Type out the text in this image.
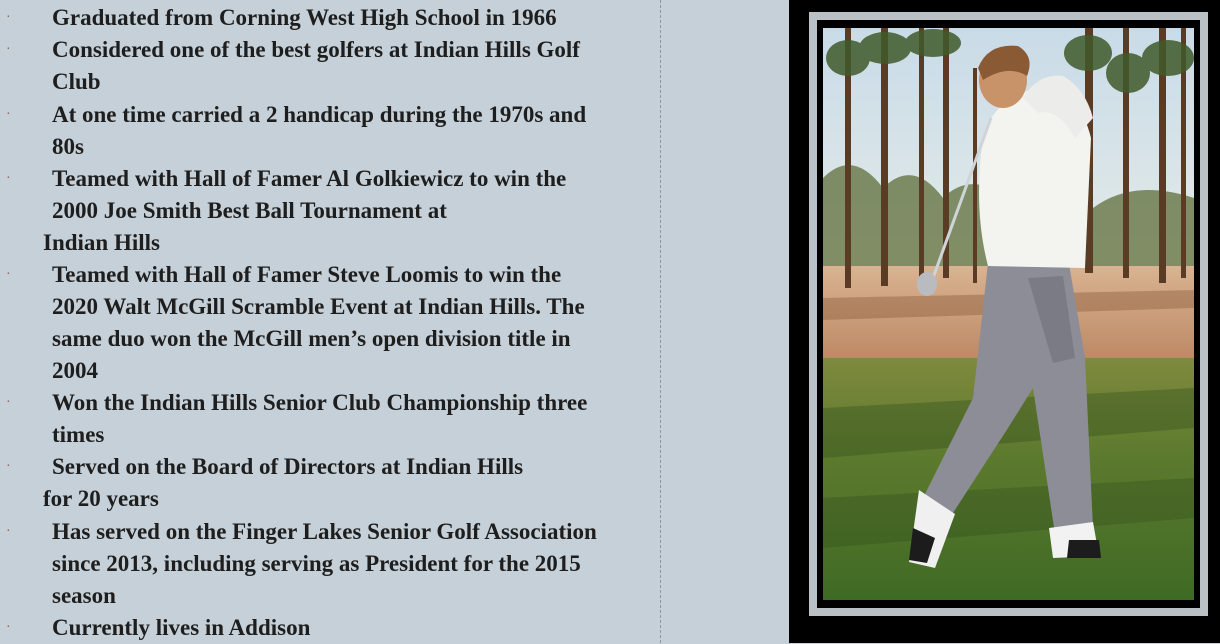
· Graduated from Corning West High School in 1966
· Considered one of the best golfers at Indian Hills Golf
Club
· At one time carried a 2 handicap during the 1970s and
80s
· Teamed with Hall of Famer Al Golkiewicz to win the
2000 Joe Smith Best Ball Tournament at
Indian Hills
· Teamed with Hall of Famer Steve Loomis to win the
2020 Walt McGill Scramble Event at Indian Hills. The
same duo won the McGill men’s open division title in
2004
· Won the Indian Hills Senior Club Championship three
times
· Served on the Board of Directors at Indian Hills
for 20 years
· Has served on the Finger Lakes Senior Golf Association
since 2013, including serving as President for the 2015
season
· Currently lives in Addison
